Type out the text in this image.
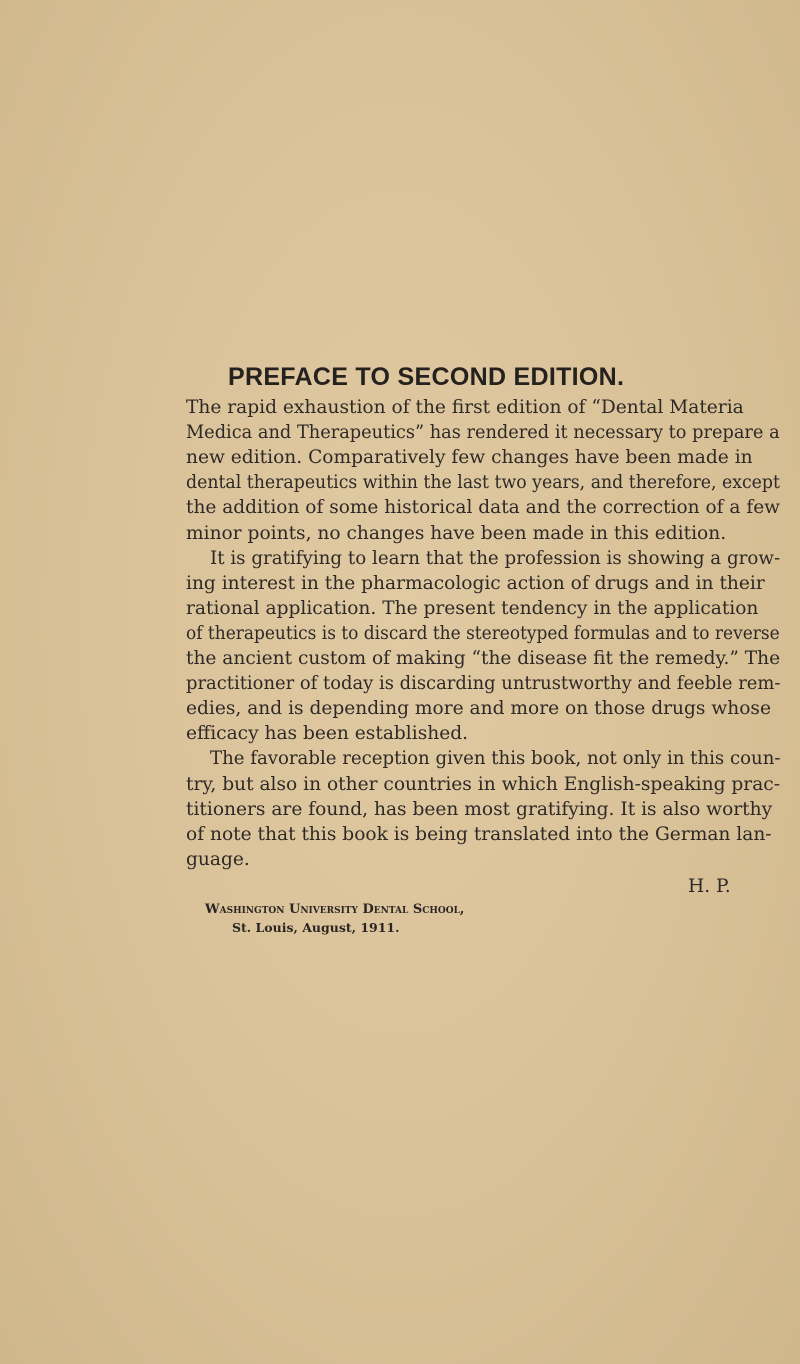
PREFACE TO SECOND EDITION.
The rapid exhaustion of the first edition of “Dental Materia
Medica and Therapeutics” has rendered it necessary to prepare a
new edition. Comparatively few changes have been made in
dental therapeutics within the last two years, and therefore, except
the addition of some historical data and the correction of a few
minor points, no changes have been made in this edition.
It is gratifying to learn that the profession is showing a grow-
ing interest in the pharmacologic action of drugs and in their
rational application. The present tendency in the application
of therapeutics is to discard the stereotyped formulas and to reverse
the ancient custom of making “the disease fit the remedy.” The
practitioner of today is discarding untrustworthy and feeble rem-
edies, and is depending more and more on those drugs whose
efficacy has been established.
The favorable reception given this book, not only in this coun-
try, but also in other countries in which English-speaking prac-
titioners are found, has been most gratifying. It is also worthy
of note that this book is being translated into the German lan-
guage.
H. P.
Washington University Dental School,
St. Louis, August, 1911.
